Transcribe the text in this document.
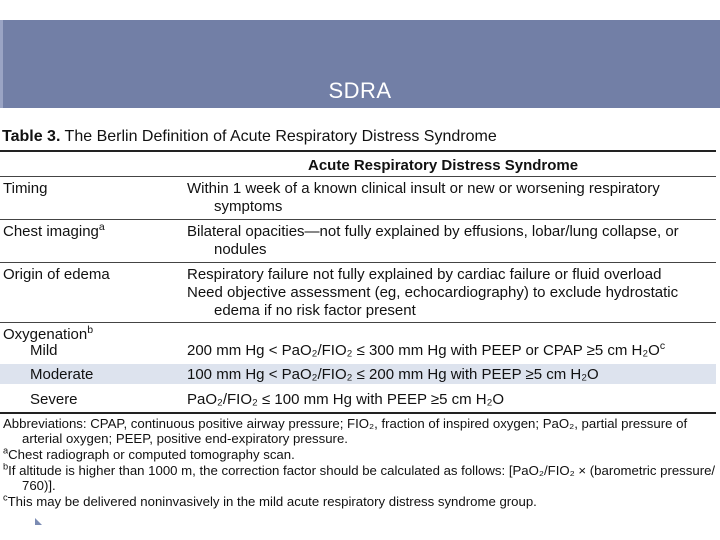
SDRA
Table 3. The Berlin Definition of Acute Respiratory Distress Syndrome
Acute Respiratory Distress Syndrome
Timing	Within 1 week of a known clinical insult or new or worsening respiratory
symptoms
Chest imaging$^a$	Bilateral opacities—not fully explained by effusions, lobar/lung collapse, or
nodules
Origin of edema	Respiratory failure not fully explained by cardiac failure or fluid overload
Need objective assessment (eg, echocardiography) to exclude hydrostatic
edema if no risk factor present
Oxygenation$^b$
Mild	200 mm Hg < PaO₂/FIO₂ ≤ 300 mm Hg with PEEP or CPAP ≥5 cm $H_2O^c$
Moderate	100 mm Hg < PaO₂/FIO₂ ≤ 200 mm Hg with PEEP ≥5 cm H₂O
Severe	PaO₂/FIO₂ ≤ 100 mm Hg with PEEP ≥5 cm H₂O
Abbreviations: CPAP, continuous positive airway pressure; FIO₂, fraction of inspired oxygen; PaO₂, partial pressure of
arterial oxygen; PEEP, positive end-expiratory pressure.
$^a$Chest radiograph or computed tomography scan.
$^b$If altitude is higher than 1000 m, the correction factor should be calculated as follows: [PaO₂/FIO₂ × (barometric pressure/
760)].
$^c$This may be delivered noninvasively in the mild acute respiratory distress syndrome group.
